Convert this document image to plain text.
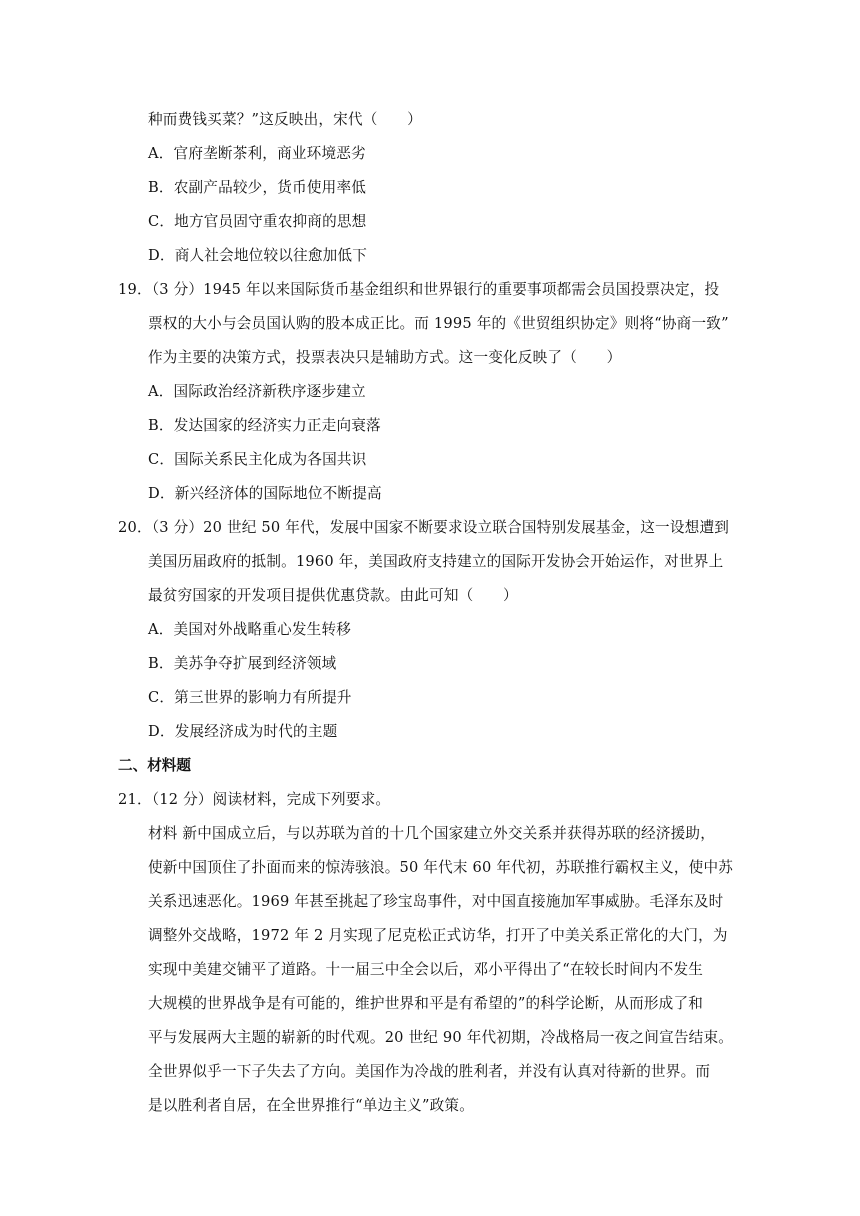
种而费钱买菜？”这反映出，宋代（　　）
A．官府垄断茶利，商业环境恶劣
B．农副产品较少，货币使用率低
C．地方官员固守重农抑商的思想
D．商人社会地位较以往愈加低下
19．（3 分）1945 年以来国际货币基金组织和世界银行的重要事项都需会员国投票决定，投
票权的大小与会员国认购的股本成正比。而 1995 年的《世贸组织协定》则将“协商一致”
作为主要的决策方式，投票表决只是辅助方式。这一变化反映了（　　）
A．国际政治经济新秩序逐步建立
B．发达国家的经济实力正走向衰落
C．国际关系民主化成为各国共识
D．新兴经济体的国际地位不断提高
20．（3 分）20 世纪 50 年代，发展中国家不断要求设立联合国特别发展基金，这一设想遭到
美国历届政府的抵制。1960 年，美国政府支持建立的国际开发协会开始运作，对世界上
最贫穷国家的开发项目提供优惠贷款。由此可知（　　）
A．美国对外战略重心发生转移
B．美苏争夺扩展到经济领域
C．第三世界的影响力有所提升
D．发展经济成为时代的主题
二、材料题
21．（12 分）阅读材料，完成下列要求。
材料 新中国成立后，与以苏联为首的十几个国家建立外交关系并获得苏联的经济援助，
使新中国顶住了扑面而来的惊涛骇浪。50 年代末 60 年代初，苏联推行霸权主义，使中苏
关系迅速恶化。1969 年甚至挑起了珍宝岛事件，对中国直接施加军事威胁。毛泽东及时
调整外交战略，1972 年 2 月实现了尼克松正式访华，打开了中美关系正常化的大门，为
实现中美建交铺平了道路。十一届三中全会以后，邓小平得出了“在较长时间内不发生
大规模的世界战争是有可能的，维护世界和平是有希望的”的科学论断，从而形成了和
平与发展两大主题的崭新的时代观。20 世纪 90 年代初期，冷战格局一夜之间宣告结束。
全世界似乎一下子失去了方向。美国作为冷战的胜利者，并没有认真对待新的世界。而
是以胜利者自居，在全世界推行“单边主义”政策。
